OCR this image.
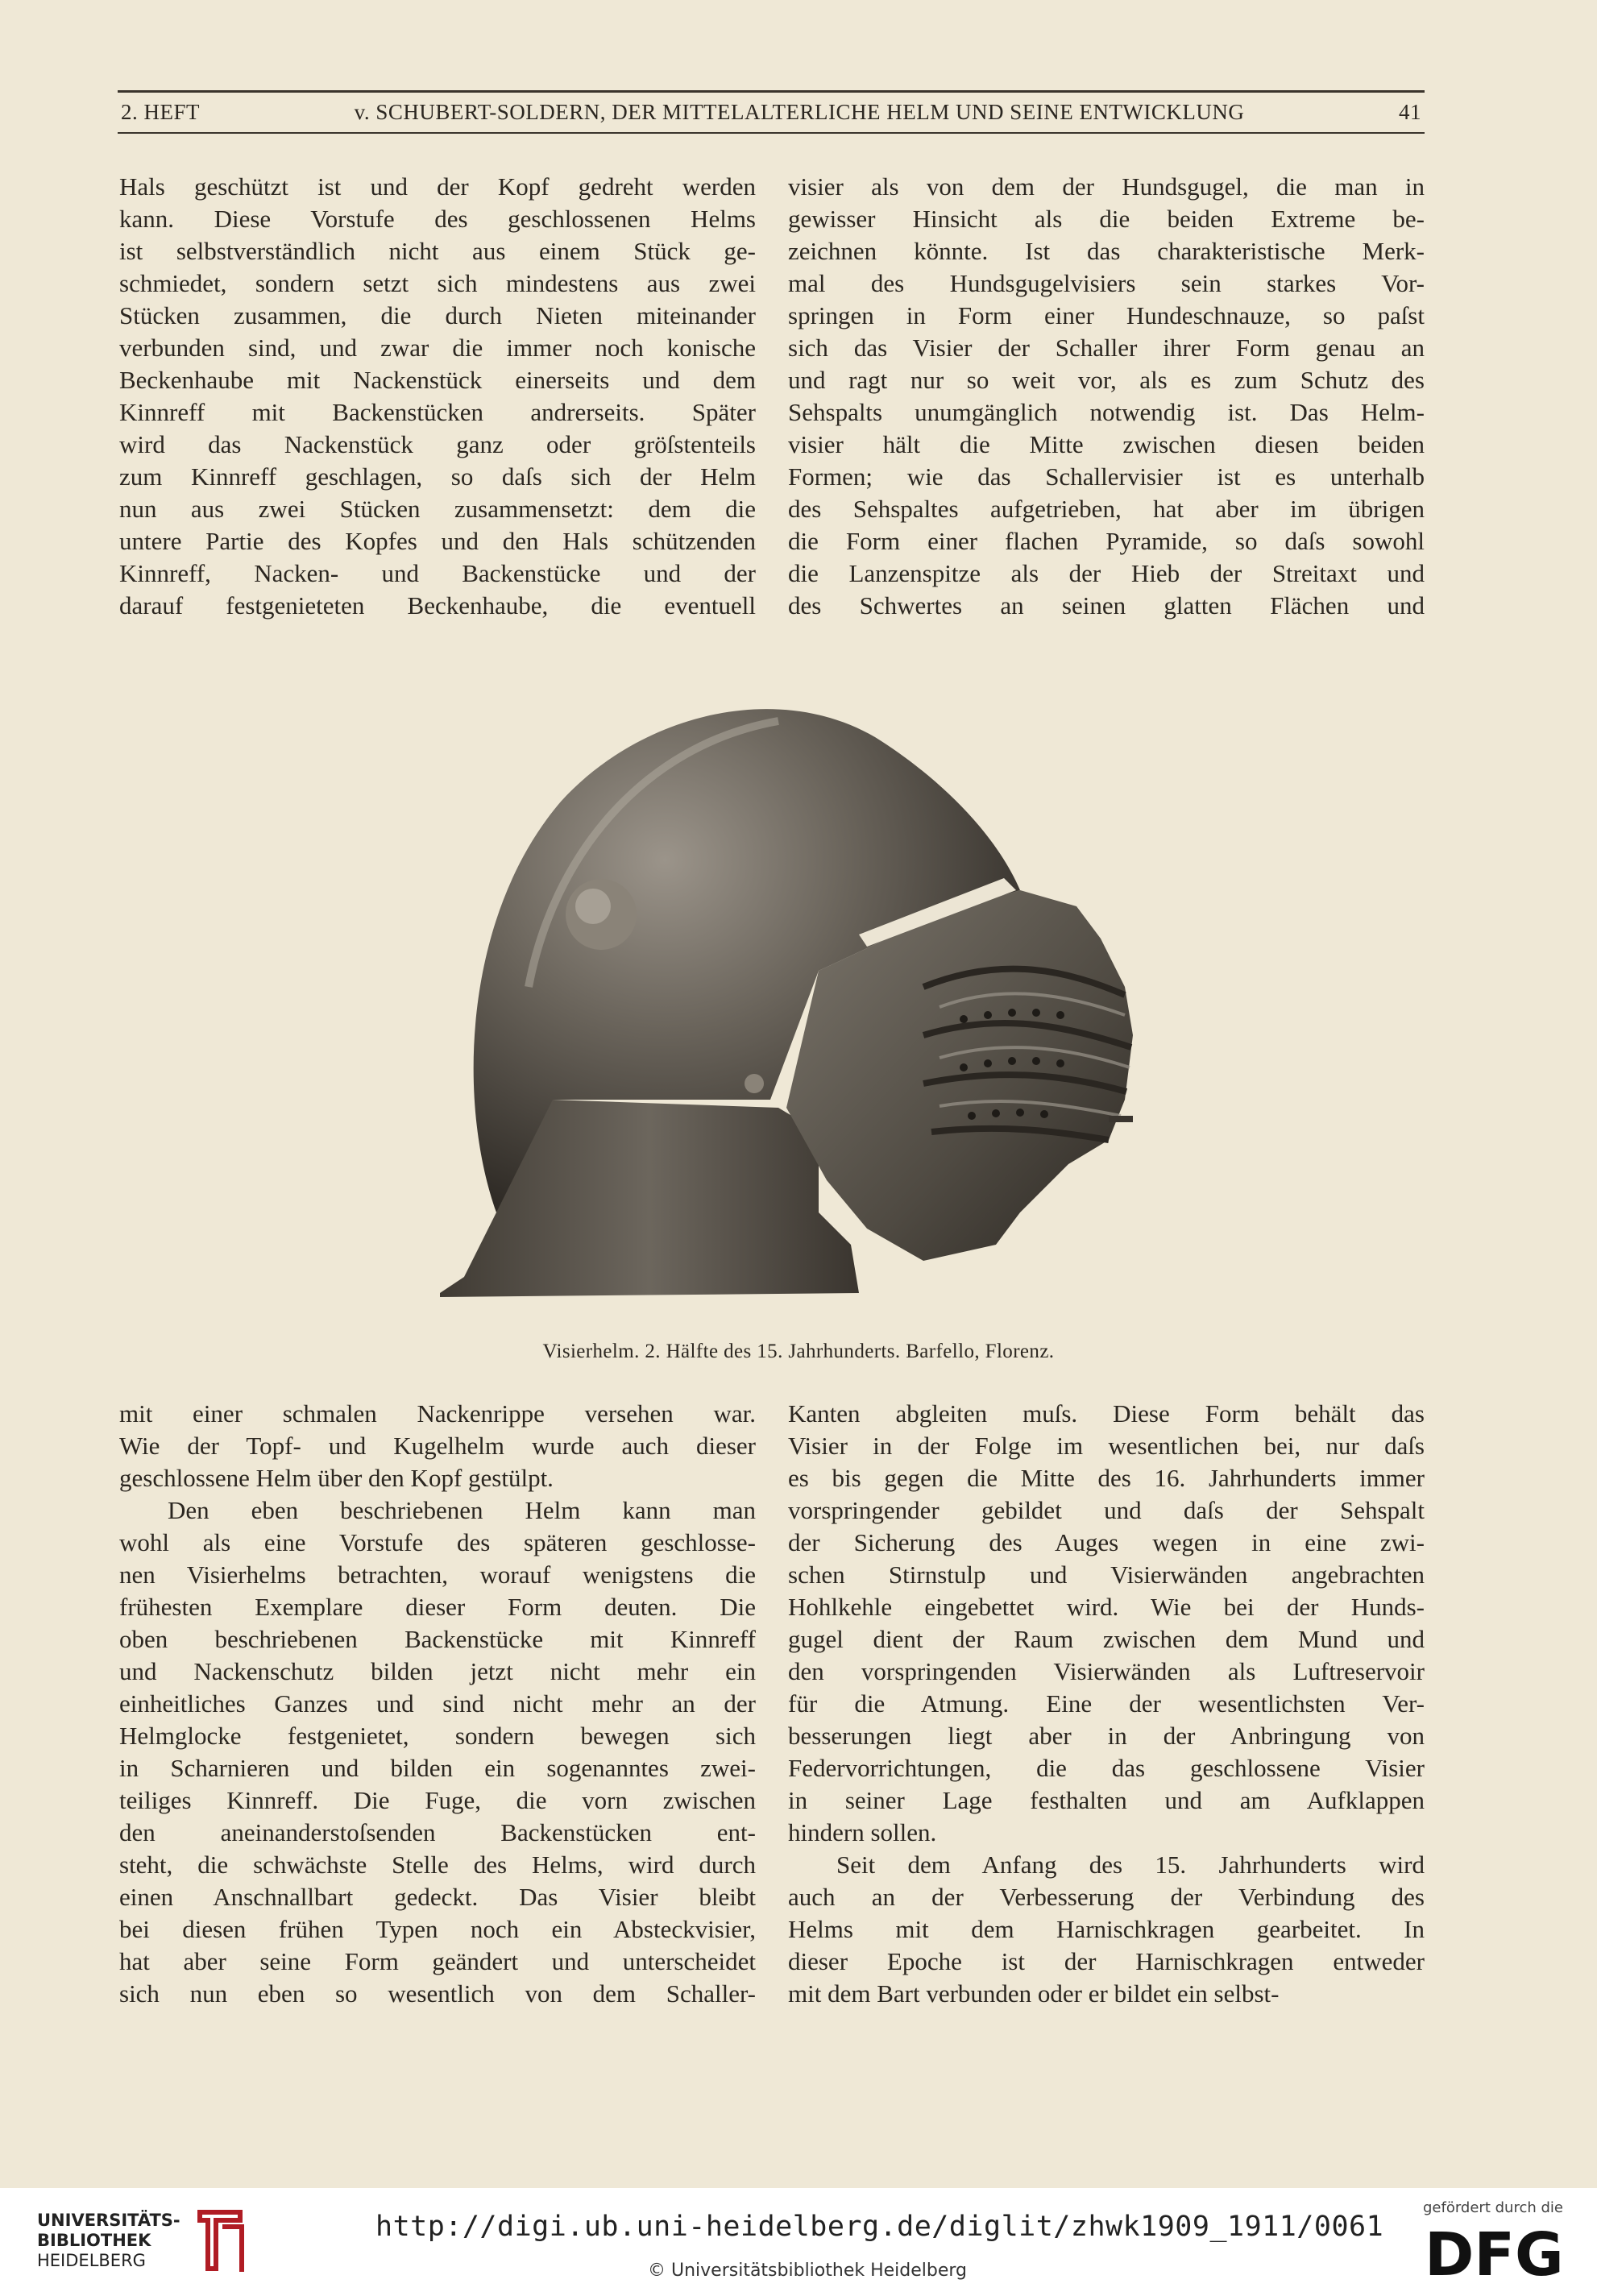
2. HEFT	v. SCHUBERT-SOLDERN, DER MITTELALTERLICHE HELM UND SEINE ENTWICKLUNG	41

Hals geschützt ist und der Kopf gedreht werden

kann. Diese Vorstufe des geschlossenen Helms

ist selbstverständlich nicht aus einem Stück ge-

schmiedet, sondern setzt sich mindestens aus zwei

Stücken zusammen, die durch Nieten miteinander

verbunden sind, und zwar die immer noch konische

Beckenhaube mit Nackenstück einerseits und dem

Kinnreff mit Backenstücken andrerseits. Später

wird das Nackenstück ganz oder gröſstenteils

zum Kinnreff geschlagen, so daſs sich der Helm

nun aus zwei Stücken zusammensetzt: dem die

untere Partie des Kopfes und den Hals schützenden

Kinnreff, Nacken- und Backenstücke und der

darauf festgenieteten Beckenhaube, die eventuell

visier als von dem der Hundsgugel, die man in

gewisser Hinsicht als die beiden Extreme be-

zeichnen könnte. Ist das charakteristische Merk-

mal des Hundsgugelvisiers sein starkes Vor-

springen in Form einer Hundeschnauze, so paſst

sich das Visier der Schaller ihrer Form genau an

und ragt nur so weit vor, als es zum Schutz des

Sehspalts unumgänglich notwendig ist. Das Helm-

visier hält die Mitte zwischen diesen beiden

Formen; wie das Schallervisier ist es unterhalb

des Sehspaltes aufgetrieben, hat aber im übrigen

die Form einer flachen Pyramide, so daſs sowohl

die Lanzenspitze als der Hieb der Streitaxt und

des Schwertes an seinen glatten Flächen und

Visierhelm. 2. Hälfte des 15. Jahrhunderts. Barfello, Florenz.

mit einer schmalen Nackenrippe versehen war.

Wie der Topf- und Kugelhelm wurde auch dieser

geschlossene Helm über den Kopf gestülpt.

Den eben beschriebenen Helm kann man

wohl als eine Vorstufe des späteren geschlosse-

nen Visierhelms betrachten, worauf wenigstens die

frühesten Exemplare dieser Form deuten. Die

oben beschriebenen Backenstücke mit Kinnreff

und Nackenschutz bilden jetzt nicht mehr ein

einheitliches Ganzes und sind nicht mehr an der

Helmglocke festgenietet, sondern bewegen sich

in Scharnieren und bilden ein sogenanntes zwei-

teiliges Kinnreff. Die Fuge, die vorn zwischen

den aneinanderstoſsenden Backenstücken ent-

steht, die schwächste Stelle des Helms, wird durch

einen Anschnallbart gedeckt. Das Visier bleibt

bei diesen frühen Typen noch ein Absteckvisier,

hat aber seine Form geändert und unterscheidet

sich nun eben so wesentlich von dem Schaller-

Kanten abgleiten muſs. Diese Form behält das

Visier in der Folge im wesentlichen bei, nur daſs

es bis gegen die Mitte des 16. Jahrhunderts immer

vorspringender gebildet und daſs der Sehspalt

der Sicherung des Auges wegen in eine zwi-

schen Stirnstulp und Visierwänden angebrachten

Hohlkehle eingebettet wird. Wie bei der Hunds-

gugel dient der Raum zwischen dem Mund und

den vorspringenden Visierwänden als Luftreservoir

für die Atmung. Eine der wesentlichsten Ver-

besserungen liegt aber in der Anbringung von

Federvorrichtungen, die das geschlossene Visier

in seiner Lage festhalten und am Aufklappen

hindern sollen.

Seit dem Anfang des 15. Jahrhunderts wird

auch an der Verbesserung der Verbindung des

Helms mit dem Harnischkragen gearbeitet. In

dieser Epoche ist der Harnischkragen entweder

mit dem Bart verbunden oder er bildet ein selbst-

UNIVERSITÄTS-
BIBLIOTHEK
HEIDELBERG
http://digi.ub.uni-heidelberg.de/diglit/zhwk1909_1911/0061
© Universitätsbibliothek Heidelberg
gefördert durch die
DFG
